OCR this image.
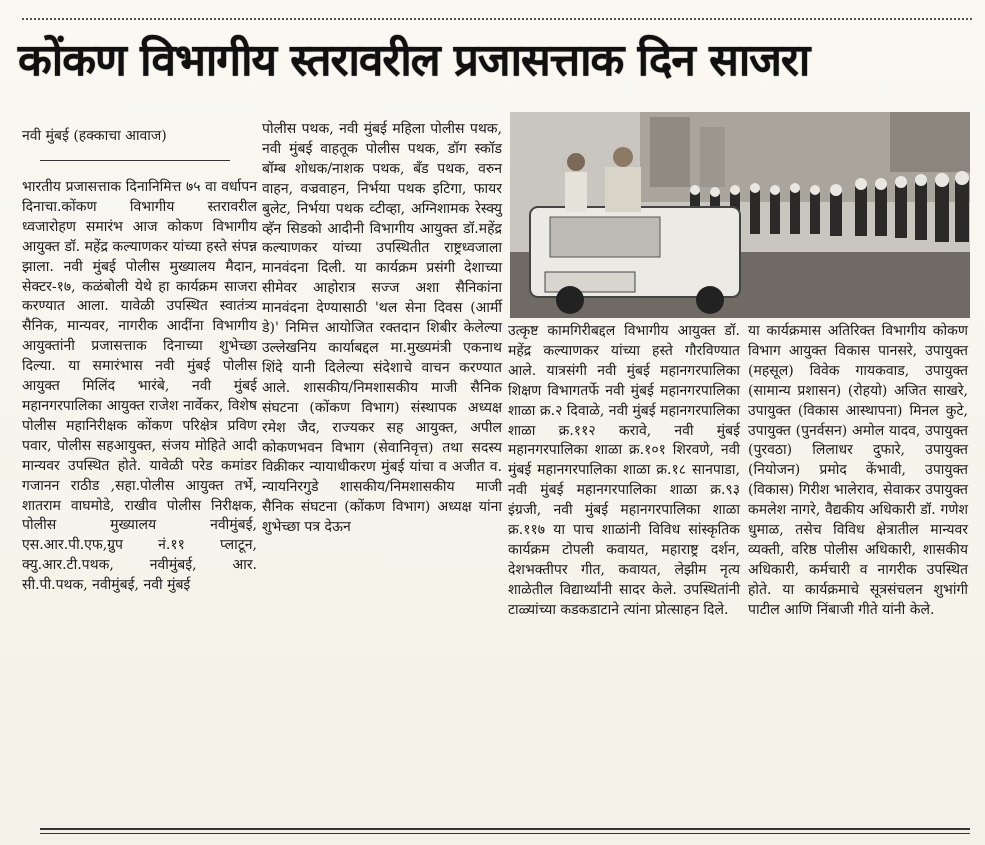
कोंकण विभागीय स्तरावरील प्रजासत्ताक दिन साजरा
नवी मुंबई (हक्काचा आवाज)
भारतीय प्रजासत्ताक दिनानिमित्त ७५ वा वर्धापन दिनाचा.कोंकण विभागीय स्तरावरील ध्वजारोहण समारंभ आज कोकण विभागीय आयुक्त डॉ. महेंद्र कल्याणकर यांच्या हस्ते संपन्न झाला. नवी मुंबई पोलीस मुख्यालय मैदान, सेक्टर-१७, कळंबोली येथे हा कार्यक्रम साजरा करण्यात आला. यावेळी उपस्थित स्वातंत्र्य सैनिक, मान्यवर, नागरीक आदींना विभागीय आयुक्तांनी प्रजासत्ताक दिनाच्या शुभेच्छा दिल्या. या समारंभास नवी मुंबई पोलीस आयुक्त मिलिंद भारंबे, नवी मुंबई महानगरपालिका आयुक्त राजेश नार्वेकर, विशेष पोलीस महानिरीक्षक कोंकण परिक्षेत्र प्रविण पवार, पोलीस सहआयुक्त, संजय मोहिते आदी मान्यवर उपस्थित होते. यावेळी परेड कमांडर गजानन राठीड ,सहा.पोलीस आयुक्त तर्भे, शातराम वाघमोडे, राखीव पोलीस निरीक्षक, पोलीस मुख्यालय नवीमुंबई, एस.आर.पी.एफ,ग्रुप नं.११ प्लाटून, क्यु.आर.टी.पथक, नवीमुंबई, आर. सी.पी.पथक, नवीमुंबई, नवी मुंबई
पोलीस पथक, नवी मुंबई महिला पोलीस पथक, नवी मुंबई वाहतूक पोलीस पथक, डॉग स्कॉड बॉम्ब शोधक/नाशक पथक, बँड पथक, वरुन वाहन, वज्रवाहन, निर्भया पथक इटिगा, फायर बुलेट, निर्भया पथक व्टीव्हा, अग्निशामक रेस्क्यु व्हॅन सिडको आदीनी विभागीय आयुक्त डॉ.महेंद्र कल्याणकर यांच्या उपस्थितीत राष्ट्रध्वजाला मानवंदना दिली. या कार्यक्रम प्रसंगी देशाच्या सीमेवर आहोरात्र सज्ज अशा सैनिकांना मानवंदना देण्यासाठी 'थल सेना दिवस (आर्मी डे)' निमित्त आयोजित रक्तदान शिबीर केलेल्या उल्लेखनिय कार्याबद्दल मा.मुख्यमंत्री एकनाथ शिंदे यानी दिलेल्या संदेशाचे वाचन करण्यात आले. शासकीय/निमशासकीय माजी सैनिक संघटना (कोंकण विभाग) संस्थापक अध्यक्ष रमेश जैद, राज्यकर सह आयुक्त, अपील कोकणभवन विभाग (सेवानिवृत्त) तथा सदस्य विक्रीकर न्यायाधीकरण मुंबई यांचा व अजीत व. न्यायनिरगुडे शासकीय/निमशासकीय माजी सैनिक संघटना (कोंकण विभाग) अध्यक्ष यांना शुभेच्छा पत्र देऊन
उत्कृष्ट कामगिरीबद्दल विभागीय आयुक्त डॉ. महेंद्र कल्याणकर यांच्या हस्ते गौरविण्यात आले. यात्रसंगी नवी मुंबई महानगरपालिका शिक्षण विभागतर्फे नवी मुंबई महानगरपालिका शाळा क्र.२ दिवाळे, नवी मुंबई महानगरपालिका शाळा क्र.११२ करावे, नवी मुंबई महानगरपालिका शाळा क्र.१०१ शिरवणे, नवी मुंबई महानगरपालिका शाळा क्र.१८ सानपाडा, नवी मुंबई महानगरपालिका शाळा क्र.९३ इंग्रजी, नवी मुंबई महानगरपालिका शाळा क्र.११७ या पाच शाळांनी विविध सांस्कृतिक कार्यक्रम टोपली कवायत, महाराष्ट्र दर्शन, देशभक्तीपर गीत, कवायत, लेझीम नृत्य शाळेतील विद्यार्थ्यांनी सादर केले. उपस्थितांनी टाळ्यांच्या कडकडाटाने त्यांना प्रोत्साहन दिले.
या कार्यक्रमास अतिरिक्त विभागीय कोकण विभाग आयुक्त विकास पानसरे, उपायुक्त (महसूल) विवेक गायकवाड, उपायुक्त (सामान्य प्रशासन) (रोहयो) अजित साखरे, उपायुक्त (विकास आस्थापना) मिनल कुटे, उपायुक्त (पुनर्वसन) अमोल यादव, उपायुक्त (पुरवठा) लिलाधर दुफारे, उपायुक्त (नियोजन) प्रमोद केंभावी, उपायुक्त (विकास) गिरीश भालेराव, सेवाकर उपायुक्त कमलेश नागरे, वैद्यकीय अधिकारी डॉ. गणेश धुमाळ, तसेच विविध क्षेत्रातील मान्यवर व्यक्ती, वरिष्ठ पोलीस अधिकारी, शासकीय अधिकारी, कर्मचारी व नागरीक उपस्थित होते. या कार्यक्रमाचे सूत्रसंचलन शुभांगी पाटील आणि निंबाजी गीते यांनी केले.
